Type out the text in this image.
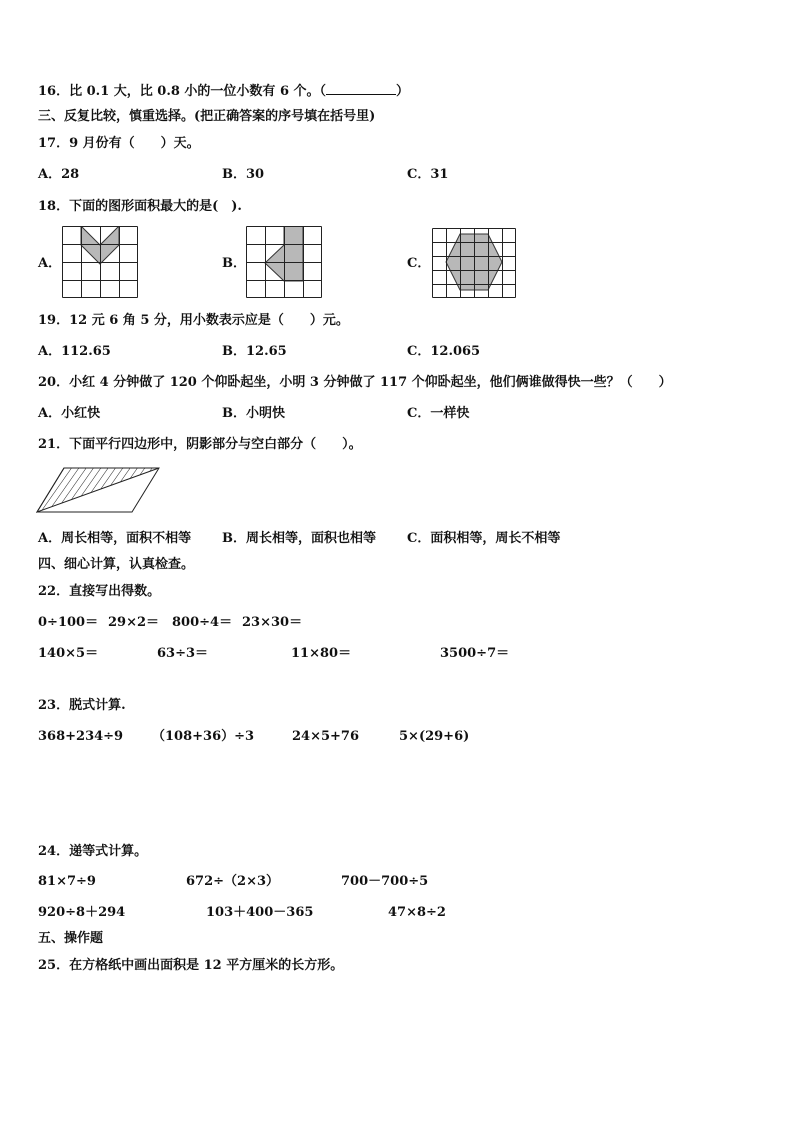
16．比 0.1 大，比 0.8 小的一位小数有 6 个。（	）
三、反复比较，慎重选择。(把正确答案的序号填在括号里)
17．9 月份有（　　）天。
A．28	B．30	C．31
18．下面的图形面积最大的是(　).
A．	B．	C．
19．12 元 6 角 5 分，用小数表示应是（　　）元。
A．112.65	B．12.65	C．12.065
20．小红 4 分钟做了 120 个仰卧起坐，小明 3 分钟做了 117 个仰卧起坐，他们俩谁做得快一些？（　　）
A．小红快	B．小明快	C．一样快
21．下面平行四边形中，阴影部分与空白部分（　　）。
A．周长相等，面积不相等 B．周长相等，面积也相等 C．面积相等，周长不相等
四、细心计算，认真检查。
22．直接写出得数。
0÷100＝ 29×2＝ 800÷4＝ 23×30＝
140×5＝	63÷3＝	11×80＝	3500÷7＝
23．脱式计算.
368+234÷9 （108+36）÷3	24×5+76	5×(29+6)
24．递等式计算。
81×7÷9	672÷（2×3）	700－700÷5
920÷8＋294	103＋400－365	47×8÷2
五、操作题
25．在方格纸中画出面积是 12 平方厘米的长方形。
